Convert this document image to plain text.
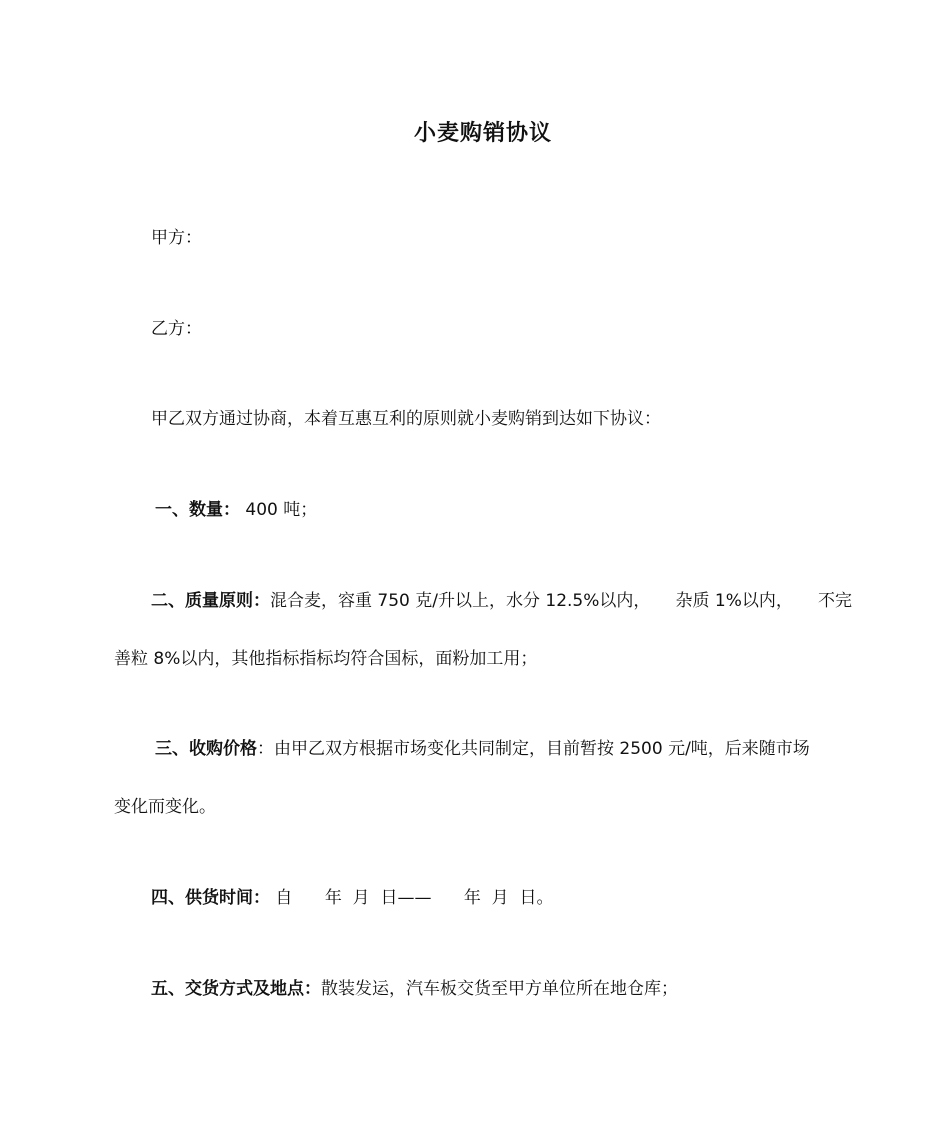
小麦购销协议
甲方：
乙方：
甲乙双方通过协商，本着互惠互利的原则就小麦购销到达如下协议：
一、数量： 400 吨；
二、质量原则：混合麦，容重 750 克/升以上，水分 12.5%以内， 杂质 1%以内， 不完
善粒 8%以内，其他指标指标均符合国标，面粉加工用；
三、收购价格：由甲乙双方根据市场变化共同制定，目前暂按 2500 元/吨，后来随市场
变化而变化。
四、供货时间： 自      年  月  日——      年  月  日。
五、交货方式及地点：散装发运，汽车板交货至甲方单位所在地仓库；
